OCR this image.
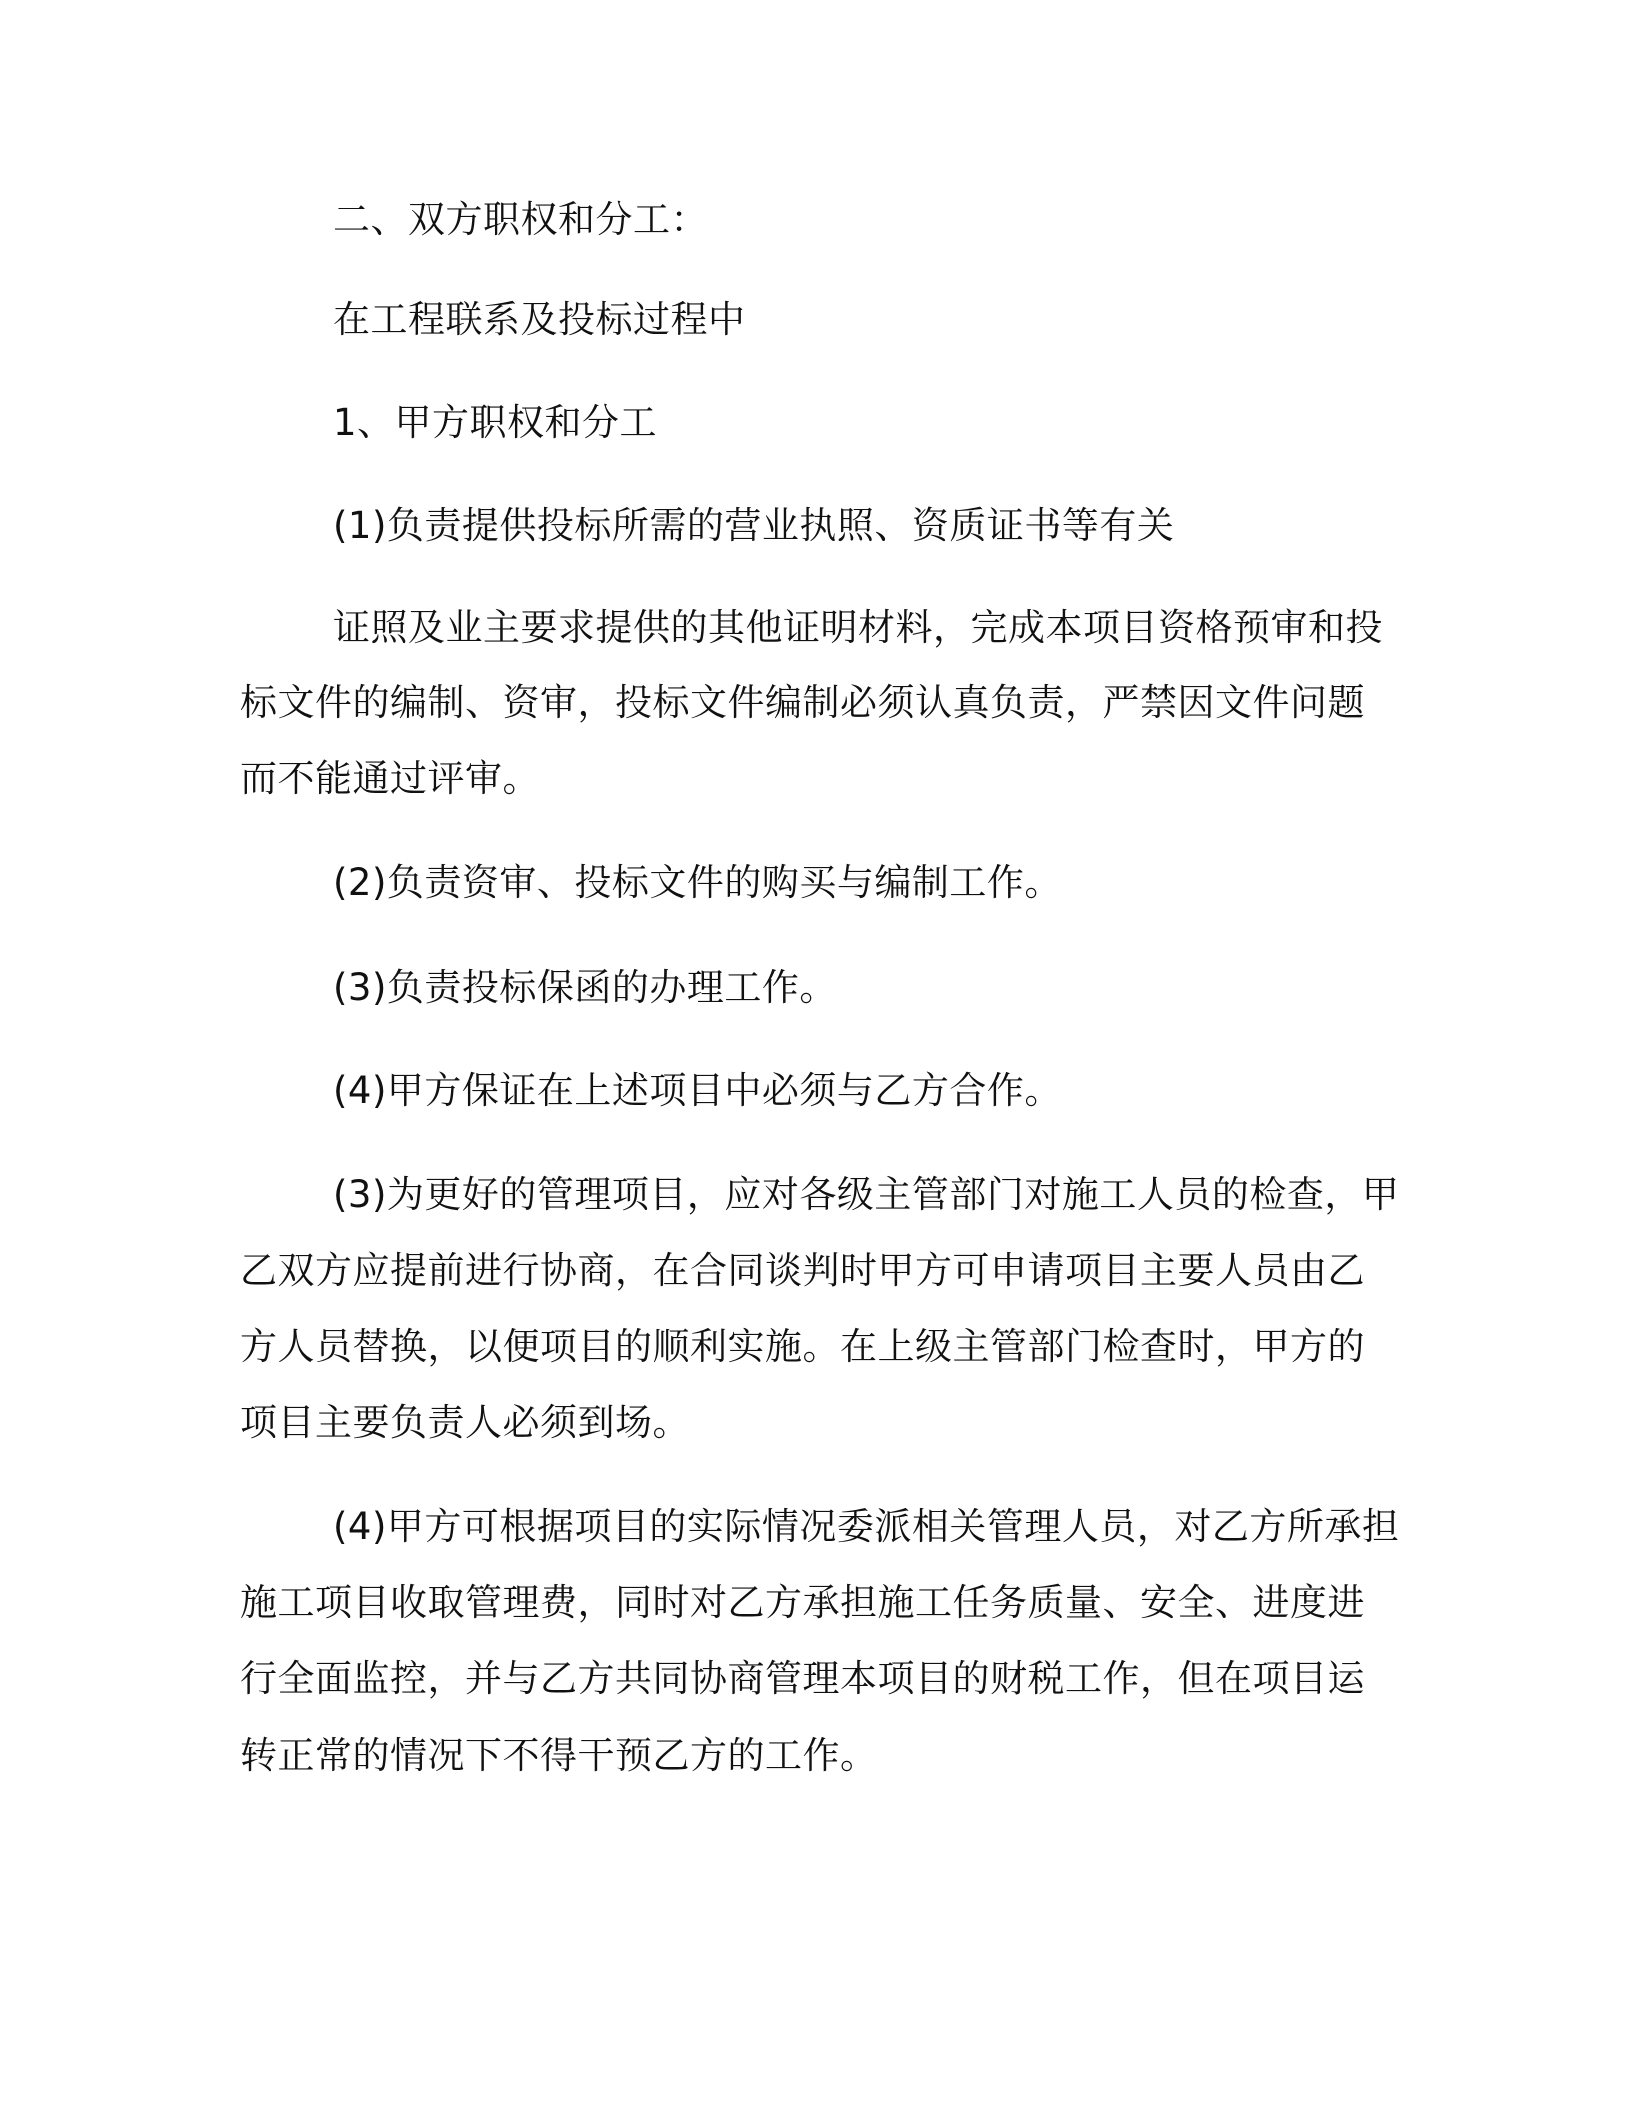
二、双方职权和分工：

在工程联系及投标过程中

1、甲方职权和分工

(1)负责提供投标所需的营业执照、资质证书等有关

证照及业主要求提供的其他证明材料，完成本项目资格预审和投

标文件的编制、资审，投标文件编制必须认真负责，严禁因文件问题

而不能通过评审。

(2)负责资审、投标文件的购买与编制工作。

(3)负责投标保函的办理工作。

(4)甲方保证在上述项目中必须与乙方合作。

(3)为更好的管理项目，应对各级主管部门对施工人员的检查，甲

乙双方应提前进行协商，在合同谈判时甲方可申请项目主要人员由乙

方人员替换，以便项目的顺利实施。在上级主管部门检查时，甲方的

项目主要负责人必须到场。

(4)甲方可根据项目的实际情况委派相关管理人员，对乙方所承担

施工项目收取管理费，同时对乙方承担施工任务质量、安全、进度进

行全面监控，并与乙方共同协商管理本项目的财税工作，但在项目运

转正常的情况下不得干预乙方的工作。
